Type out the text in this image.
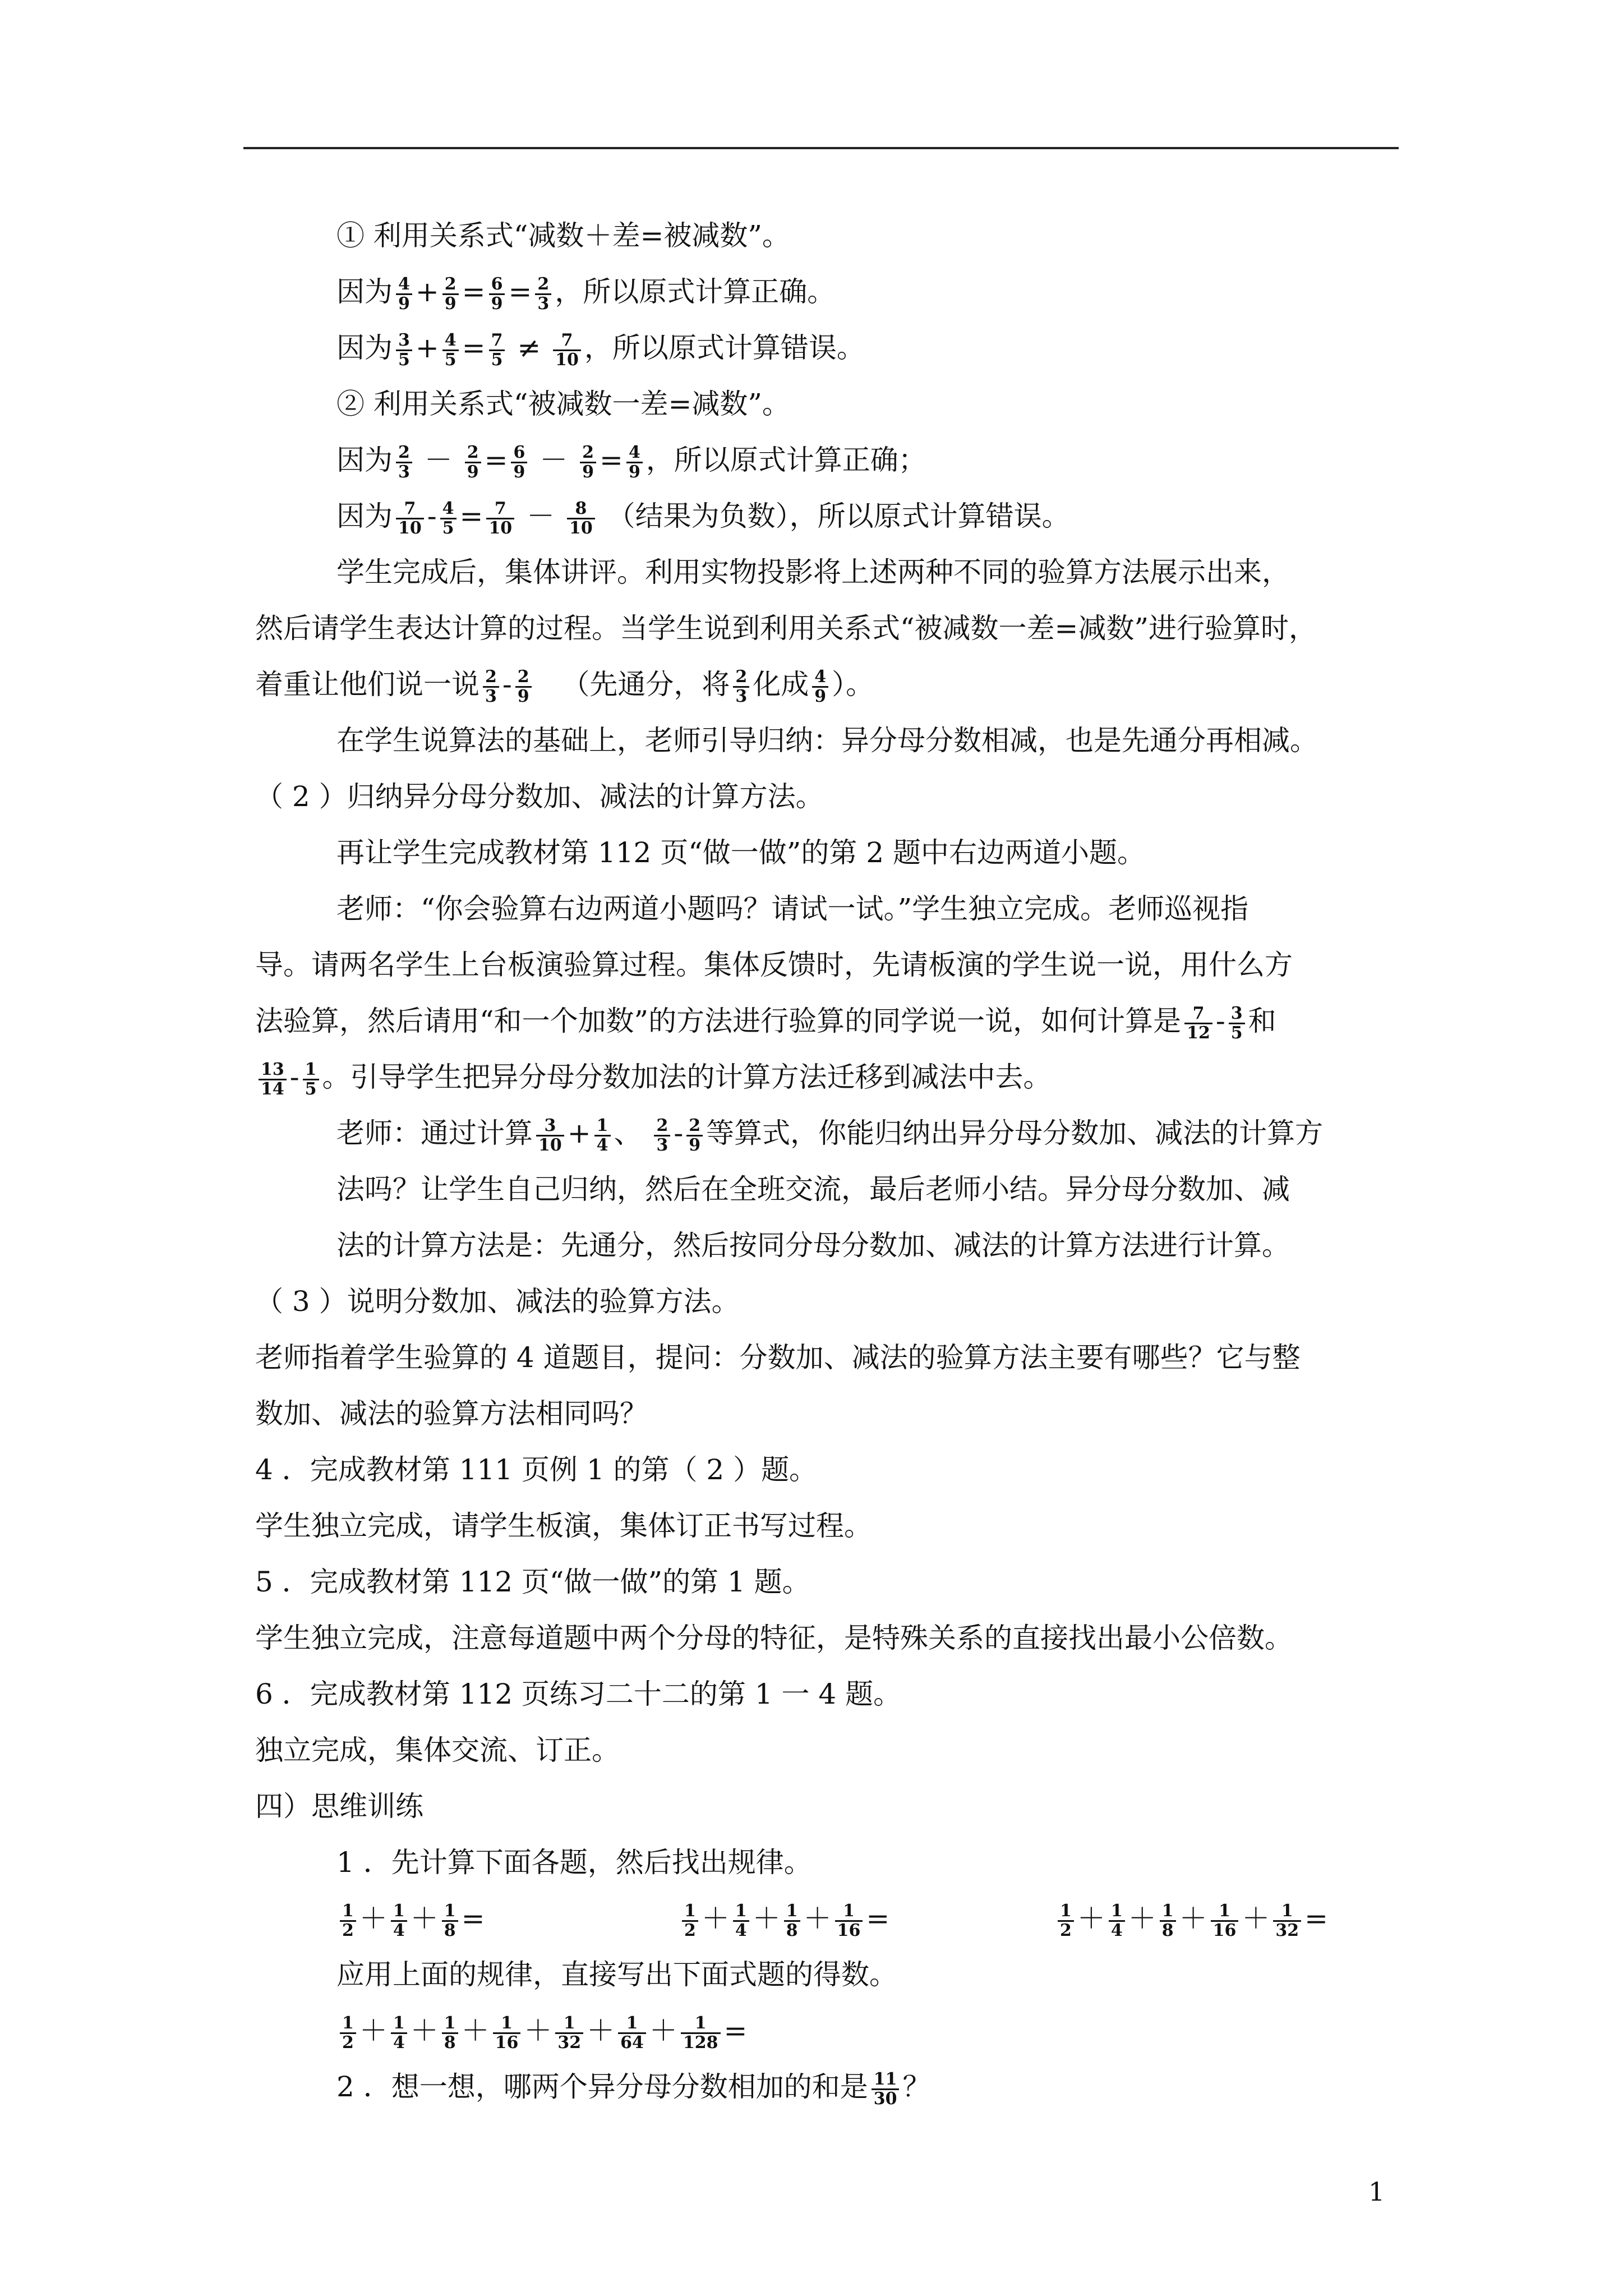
① 利用关系式“减数＋差=被减数”。
因为 $\frac{4}{9} + \frac{2}{9} = \frac{6}{9} = \frac{2}{3}$ ，所以原式计算正确。
因为 $\frac{3}{5} + \frac{4}{5} = \frac{7}{5} \ne \frac{7}{10}$ ，所以原式计算错误。
② 利用关系式“被减数一差=减数”。
因为 $\frac{2}{3} - \frac{2}{9} = \frac{6}{9} - \frac{2}{9} = \frac{4}{9}$ ，所以原式计算正确；
因为 $\frac{7}{10} - \frac{4}{5} = \frac{7}{10} - \frac{8}{10}$ （结果为负数），所以原式计算错误。
学生完成后，集体讲评。利用实物投影将上述两种不同的验算方法展示出来，
然后请学生表达计算的过程。当学生说到利用关系式“被减数一差=减数”进行验算时，
着重让他们说一说 $\frac{2}{3} - \frac{2}{9}$ （先通分，将 $\frac{2}{3}$ 化成 $\frac{4}{9}$ ）。
在学生说算法的基础上，老师引导归纳：异分母分数相减，也是先通分再相减。
（ 2 ）归纳异分母分数加、减法的计算方法。
再让学生完成教材第 112 页“做一做”的第 2 题中右边两道小题。
老师：“你会验算右边两道小题吗？请试一试。”学生独立完成。老师巡视指
导。请两名学生上台板演验算过程。集体反馈时，先请板演的学生说一说，用什么方
法验算，然后请用“和一个加数”的方法进行验算的同学说一说，如何计算是 $\frac{7}{12} - \frac{3}{5}$ 和
$\frac{13}{14} - \frac{1}{5}$ 。引导学生把异分母分数加法的计算方法迁移到减法中去。
老师：通过计算 $\frac{3}{10} + \frac{1}{4}$ 、 $\frac{2}{3} - \frac{2}{9}$ 等算式，你能归纳出异分母分数加、减法的计算方
法吗？让学生自己归纳，然后在全班交流，最后老师小结。异分母分数加、减
法的计算方法是：先通分，然后按同分母分数加、减法的计算方法进行计算。
（ 3 ）说明分数加、减法的验算方法。
老师指着学生验算的 4 道题目，提问：分数加、减法的验算方法主要有哪些？它与整
数加、减法的验算方法相同吗？
4 ．完成教材第 111 页例 1 的第（ 2 ）题。
学生独立完成，请学生板演，集体订正书写过程。
5 ．完成教材第 112 页“做一做”的第 1 题。
学生独立完成，注意每道题中两个分母的特征，是特殊关系的直接找出最小公倍数。
6 ．完成教材第 112 页练习二十二的第 1 一 4 题。
独立完成，集体交流、订正。
四）思维训练
1 ．先计算下面各题，然后找出规律。
$\frac{1}{2} + \frac{1}{4} + \frac{1}{8}$ =	$\frac{1}{2} + \frac{1}{4} + \frac{1}{8} + \frac{1}{16}$ =	$\frac{1}{2} + \frac{1}{4} + \frac{1}{8} + \frac{1}{16} + \frac{1}{32}$ =
应用上面的规律，直接写出下面式题的得数。
$\frac{1}{2} + \frac{1}{4} + \frac{1}{8} + \frac{1}{16} + \frac{1}{32} + \frac{1}{64} + \frac{1}{128}$ =
2 ．想一想，哪两个异分母分数相加的和是 $\frac{11}{30}$ ？
1
